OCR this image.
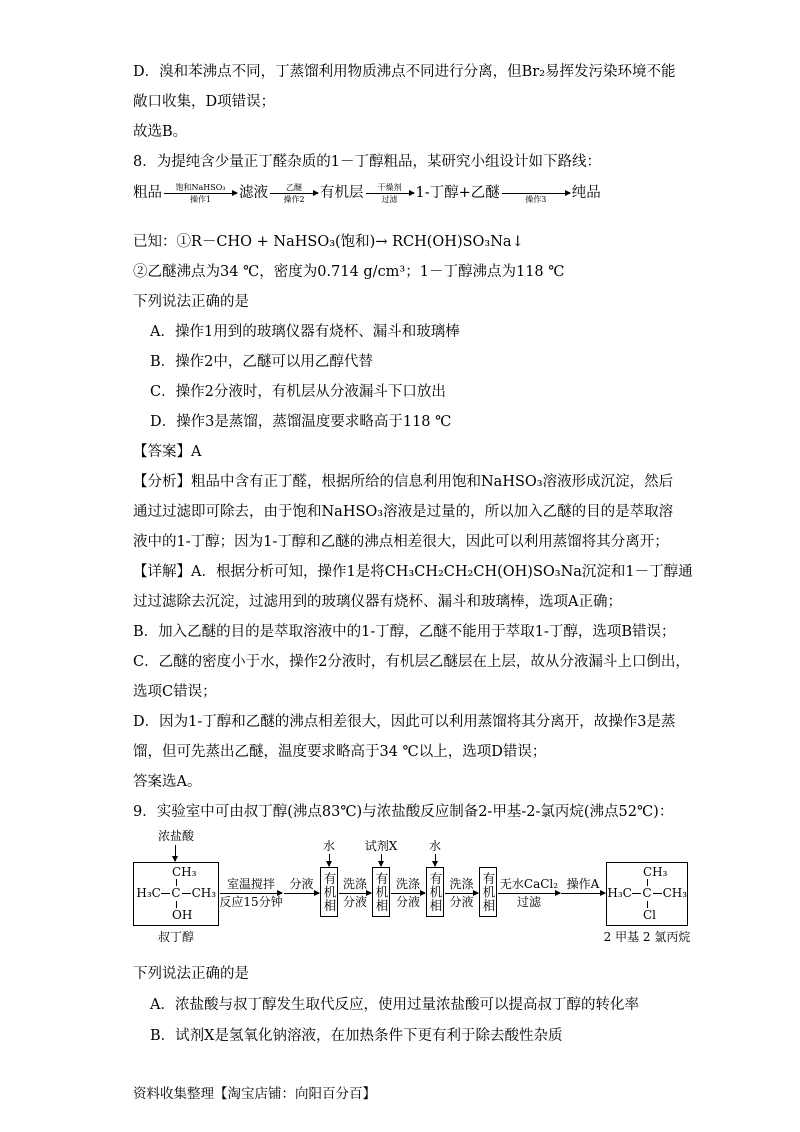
D．溴和苯沸点不同，丁蒸馏利用物质沸点不同进行分离，但Br₂易挥发污染环境不能
敞口收集，D项错误；
故选B。
8．为提纯含少量正丁醛杂质的1－丁醇粗品，某研究小组设计如下路线：
粗品	饱和NaHSO₃
操作1	滤液	乙醚
操作2	有机层	干燥剂
过滤	1-丁醇+乙醚	操作3	纯品
已知：①R－CHO + NaHSO₃(饱和)→ RCH(OH)SO₃Na↓
②乙醚沸点为34 ℃，密度为0.714 g/cm³；1－丁醇沸点为118 ℃
下列说法正确的是
A．操作1用到的玻璃仪器有烧杯、漏斗和玻璃棒
B．操作2中，乙醚可以用乙醇代替
C．操作2分液时，有机层从分液漏斗下口放出
D．操作3是蒸馏，蒸馏温度要求略高于118 ℃
【答案】A
【分析】粗品中含有正丁醛，根据所给的信息利用饱和NaHSO₃溶液形成沉淀，然后
通过过滤即可除去，由于饱和NaHSO₃溶液是过量的，所以加入乙醚的目的是萃取溶
液中的1-丁醇；因为1-丁醇和乙醚的沸点相差很大，因此可以利用蒸馏将其分离开；
【详解】A．根据分析可知，操作1是将CH₃CH₂CH₂CH(OH)SO₃Na沉淀和1－丁醇通
过过滤除去沉淀，过滤用到的玻璃仪器有烧杯、漏斗和玻璃棒，选项A正确；
B．加入乙醚的目的是萃取溶液中的1-丁醇，乙醚不能用于萃取1-丁醇，选项B错误；
C．乙醚的密度小于水，操作2分液时，有机层乙醚层在上层，故从分液漏斗上口倒出，
选项C错误；
D．因为1-丁醇和乙醚的沸点相差很大，因此可以利用蒸馏将其分离开，故操作3是蒸
馏，但可先蒸出乙醚，温度要求略高于34 ℃以上，选项D错误；
答案选A。
9．实验室中可由叔丁醇(沸点83℃)与浓盐酸反应制备2-甲基-2-氯丙烷(沸点52℃)：
浓盐酸
CH₃
H₃C C CH₃
OH
叔丁醇
室温搅拌
反应15分钟
分液
水
有机相 洗涤
分液
试剂X
有机相 洗涤
分液
水
有机相 洗涤
分液 有机相 无水CaCl₂
过滤
操作A
CH₃
H₃C C CH₃
Cl
2 甲基 2 氯丙烷
下列说法正确的是
A．浓盐酸与叔丁醇发生取代反应，使用过量浓盐酸可以提高叔丁醇的转化率
B．试剂X是氢氧化钠溶液，在加热条件下更有利于除去酸性杂质
资料收集整理【淘宝店铺：向阳百分百】
